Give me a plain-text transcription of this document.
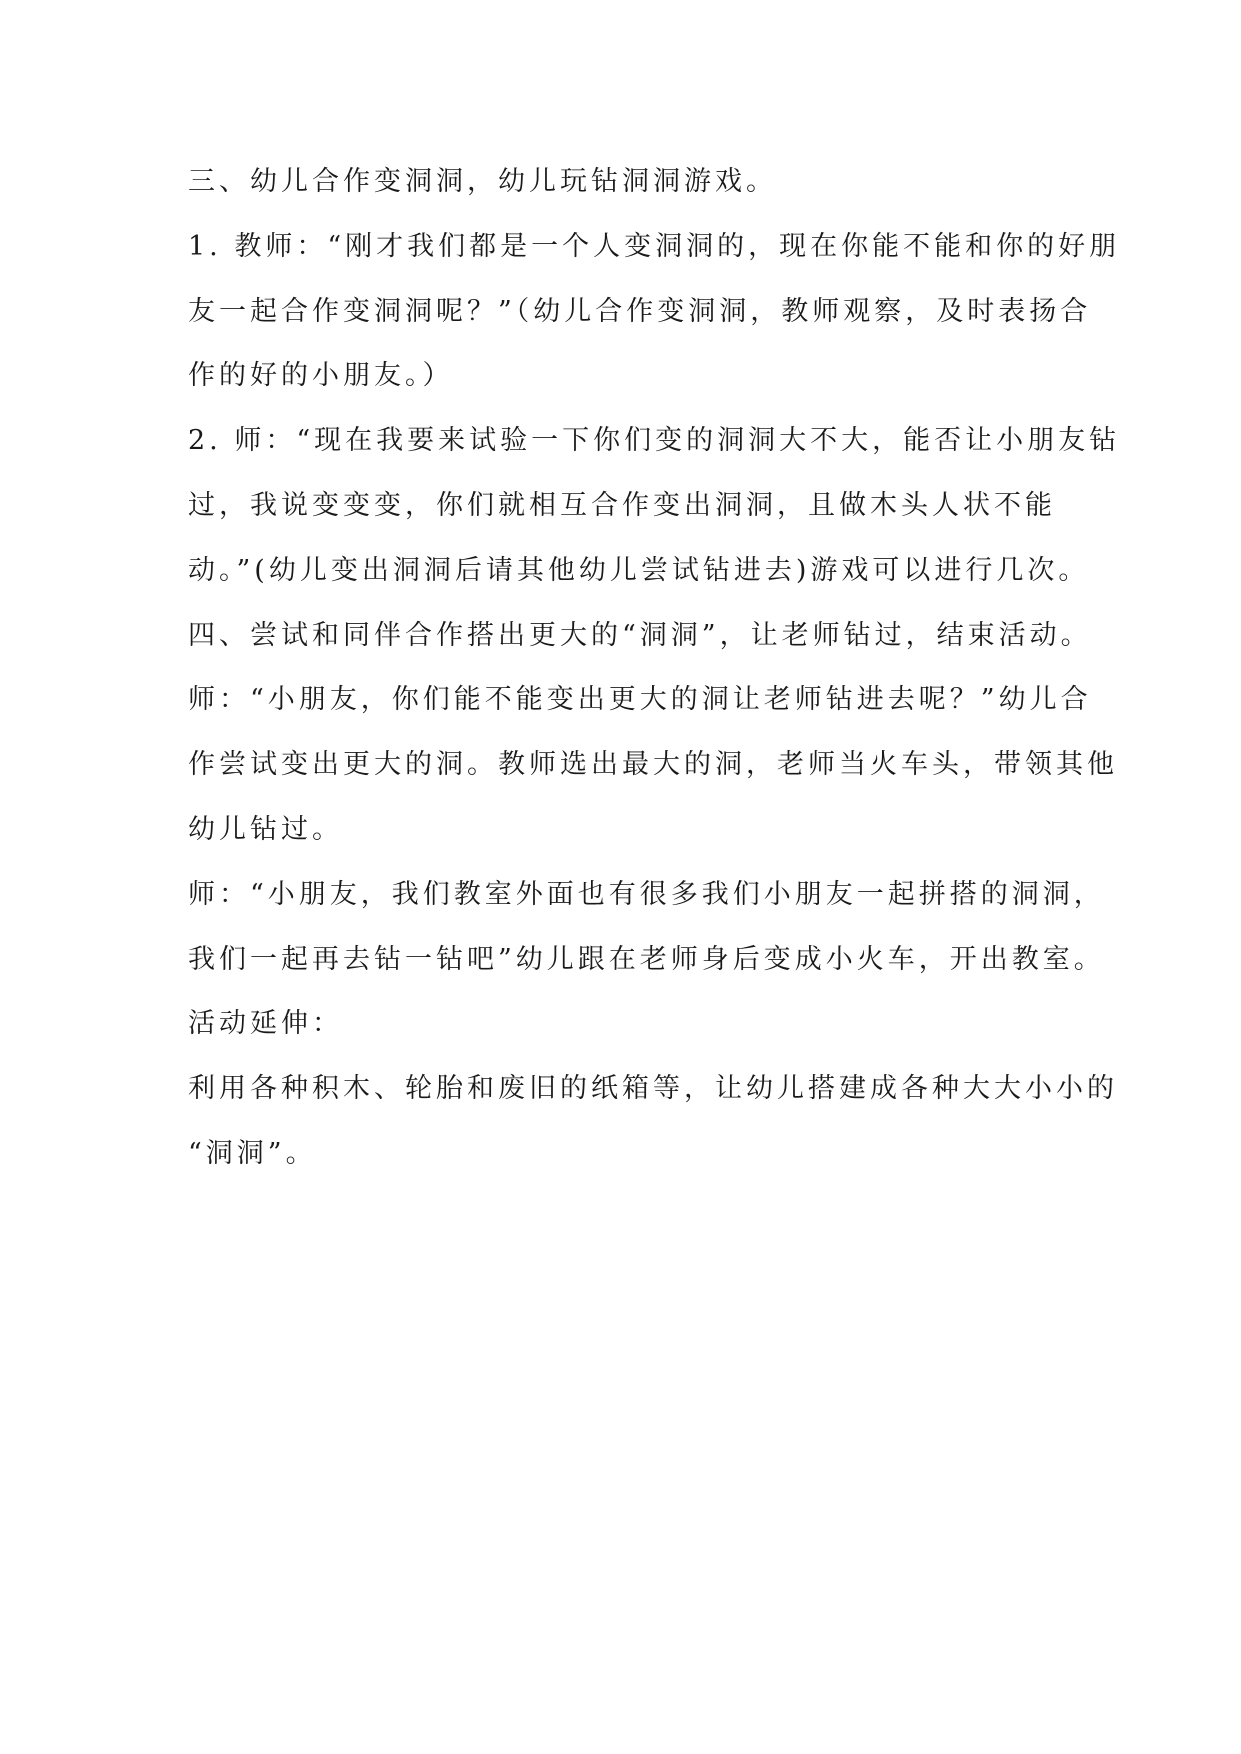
三、幼儿合作变洞洞，幼儿玩钻洞洞游戏。

1. 教师：“刚才我们都是一个人变洞洞的，现在你能不能和你的好朋

友一起合作变洞洞呢？”（幼儿合作变洞洞，教师观察，及时表扬合

作的好的小朋友。）

2. 师：“现在我要来试验一下你们变的洞洞大不大，能否让小朋友钻

过，我说变变变，你们就相互合作变出洞洞，且做木头人状不能

动。”(幼儿变出洞洞后请其他幼儿尝试钻进去)游戏可以进行几次。

四、尝试和同伴合作搭出更大的“洞洞”，让老师钻过，结束活动。

师：“小朋友，你们能不能变出更大的洞让老师钻进去呢？”幼儿合

作尝试变出更大的洞。教师选出最大的洞，老师当火车头，带领其他

幼儿钻过。

师：“小朋友，我们教室外面也有很多我们小朋友一起拼搭的洞洞，

我们一起再去钻一钻吧”幼儿跟在老师身后变成小火车，开出教室。

活动延伸：

利用各种积木、轮胎和废旧的纸箱等，让幼儿搭建成各种大大小小的

“洞洞”。
